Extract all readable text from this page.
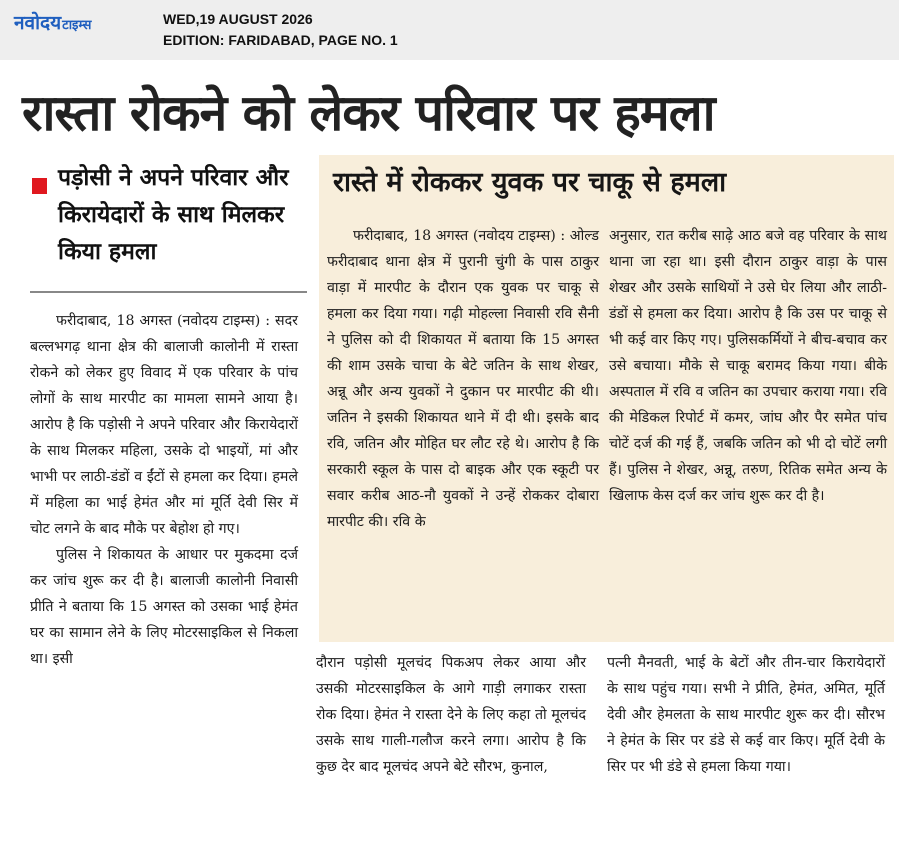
नवोदयटाइम्स	WED,19 AUGUST 2026
EDITION: FARIDABAD, PAGE NO. 1
रास्ता रोकने को लेकर परिवार पर हमला
पड़ोसी ने अपने परिवार और किरायेदारों के साथ मिलकर किया हमला

फरीदाबाद, 18 अगस्त (नवोदय टाइम्स) : सदर बल्लभगढ़ थाना क्षेत्र की बालाजी कालोनी में रास्ता रोकने को लेकर हुए विवाद में एक परिवार के पांच लोगों के साथ मारपीट का मामला सामने आया है। आरोप है कि पड़ोसी ने अपने परिवार और किरायेदारों के साथ मिलकर महिला, उसके दो भाइयों, मां और भाभी पर लाठी-डंडों व ईंटों से हमला कर दिया। हमले में महिला का भाई हेमंत और मां मूर्ति देवी सिर में चोट लगने के बाद मौके पर बेहोश हो गए।

पुलिस ने शिकायत के आधार पर मुकदमा दर्ज कर जांच शुरू कर दी है। बालाजी कालोनी निवासी प्रीति ने बताया कि 15 अगस्त को उसका भाई हेमंत घर का सामान लेने के लिए मोटरसाइकिल से निकला था। इसी

रास्ते में रोककर युवक पर चाकू से हमला

फरीदाबाद, 18 अगस्त (नवोदय टाइम्स) : ओल्ड फरीदाबाद थाना क्षेत्र में पुरानी चुंगी के पास ठाकुर वाड़ा में मारपीट के दौरान एक युवक पर चाकू से हमला कर दिया गया। गढ़ी मोहल्ला निवासी रवि सैनी ने पुलिस को दी शिकायत में बताया कि 15 अगस्त की शाम उसके चाचा के बेटे जतिन के साथ शेखर, अन्नू और अन्य युवकों ने दुकान पर मारपीट की थी। जतिन ने इसकी शिकायत थाने में दी थी। इसके बाद रवि, जतिन और मोहित घर लौट रहे थे। आरोप है कि सरकारी स्कूल के पास दो बाइक और एक स्कूटी पर सवार करीब आठ-नौ युवकों ने उन्हें रोककर दोबारा मारपीट की। रवि के

अनुसार, रात करीब साढ़े आठ बजे वह परिवार के साथ थाना जा रहा था। इसी दौरान ठाकुर वाड़ा के पास शेखर और उसके साथियों ने उसे घेर लिया और लाठी-डंडों से हमला कर दिया। आरोप है कि उस पर चाकू से भी कई वार किए गए। पुलिसकर्मियों ने बीच-बचाव कर उसे बचाया। मौके से चाकू बरामद किया गया। बीके अस्पताल में रवि व जतिन का उपचार कराया गया। रवि की मेडिकल रिपोर्ट में कमर, जांघ और पैर समेत पांच चोटें दर्ज की गई हैं, जबकि जतिन को भी दो चोटें लगी हैं। पुलिस ने शेखर, अन्नू, तरुण, रितिक समेत अन्य के खिलाफ केस दर्ज कर जांच शुरू कर दी है।

दौरान पड़ोसी मूलचंद पिकअप लेकर आया और उसकी मोटरसाइकिल के आगे गाड़ी लगाकर रास्ता रोक दिया। हेमंत ने रास्ता देने के लिए कहा तो मूलचंद उसके साथ गाली-गलौज करने लगा। आरोप है कि कुछ देर बाद मूलचंद अपने बेटे सौरभ, कुनाल,

पत्नी मैनवती, भाई के बेटों और तीन-चार किरायेदारों के साथ पहुंच गया। सभी ने प्रीति, हेमंत, अमित, मूर्ति देवी और हेमलता के साथ मारपीट शुरू कर दी। सौरभ ने हेमंत के सिर पर डंडे से कई वार किए। मूर्ति देवी के सिर पर भी डंडे से हमला किया गया।
